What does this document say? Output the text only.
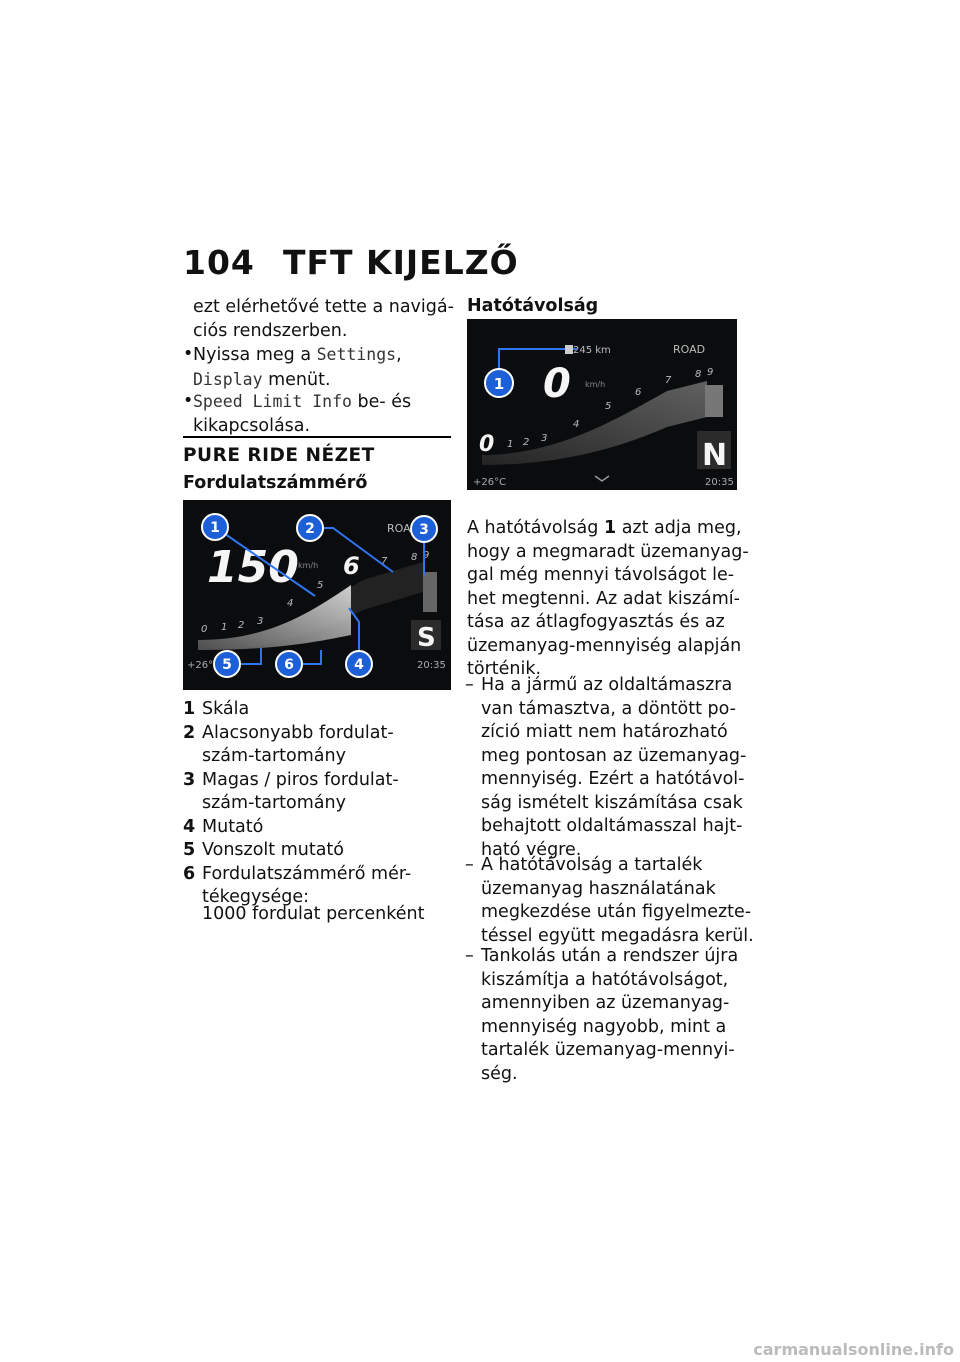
104 TFT KIJELZŐ
ezt elérhetővé tette a navigá-
ciós rendszerben.
• Nyissa meg a Settings,
Display menüt.
• Speed Limit Info be- és
kikapcsolása.
PURE RIDE NÉZET
Fordulatszámmérő
150 km/h 6
ROA
0 1 2 3
4
5
7 8 9
S
+26°	20:35
1	2	3
4
5	6
1 Skála
2 Alacsonyabb fordulat-
szám-tartomány
3 Magas / piros fordulat-
szám-tartomány
4 Mutató
5 Vonszolt mutató
6 Fordulatszámmérő mér-
tékegysége:
1000 fordulat percenként
Hatótávolság
245 km	ROAD
0 km/h
0 1 2 3
4
5
6
7
8 9
N
+26°C	20:35
1
A hatótávolság 1 azt adja meg,
hogy a megmaradt üzemanyag-
gal még mennyi távolságot le-
het megtenni. Az adat kiszámí-
tása az átlagfogyasztás és az
üzemanyag-mennyiség alapján
történik.
– Ha a jármű az oldaltámaszra
van támasztva, a döntött po-
zíció miatt nem határozható
meg pontosan az üzemanyag-
mennyiség. Ezért a hatótávol-
ság ismételt kiszámítása csak
behajtott oldaltámasszal hajt-
ható végre.
– A hatótávolság a tartalék
üzemanyag használatának
megkezdése után figyelmezte-
téssel együtt megadásra kerül.
– Tankolás után a rendszer újra
kiszámítja a hatótávolságot,
amennyiben az üzemanyag-
mennyiség nagyobb, mint a
tartalék üzemanyag-mennyi-
ség.
carmanualsonline.info
